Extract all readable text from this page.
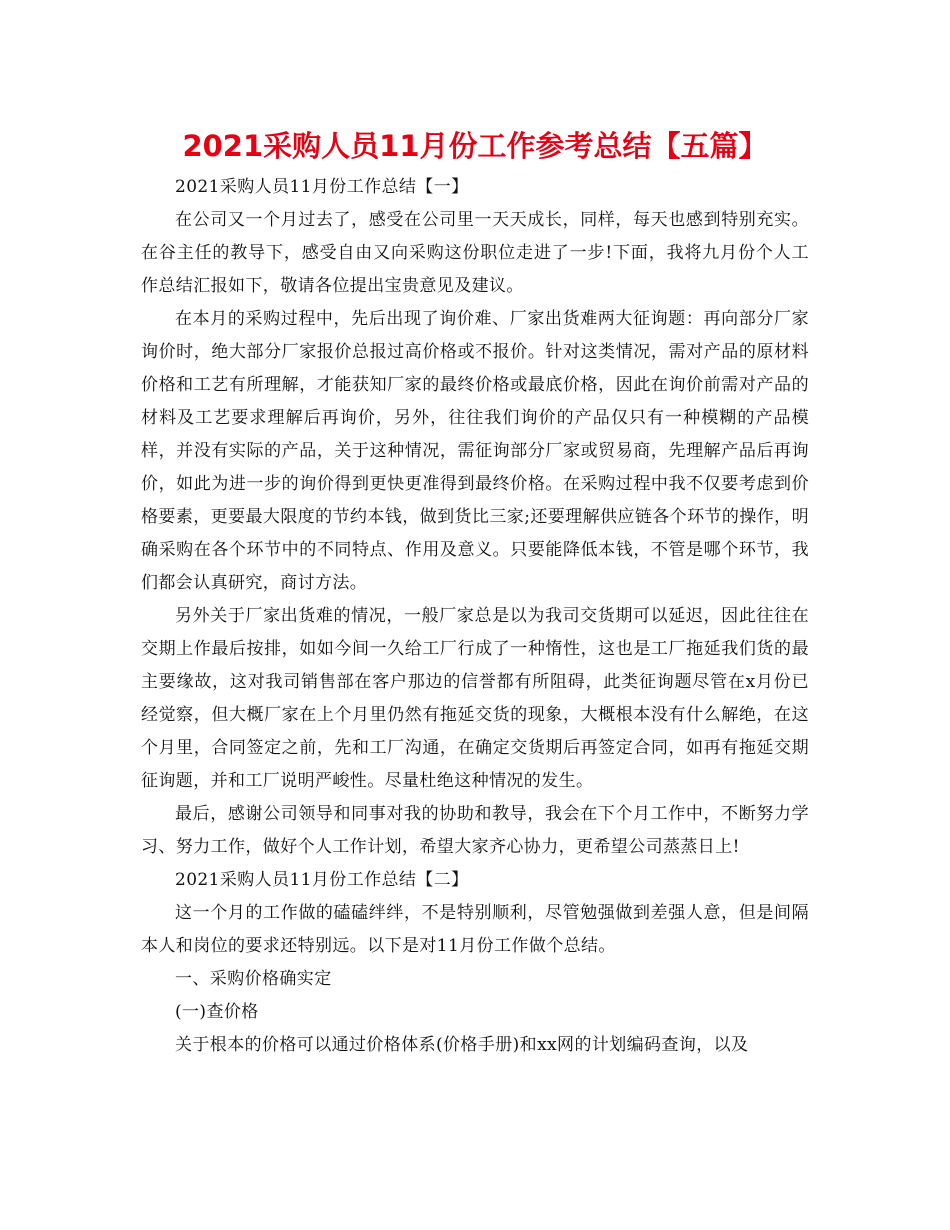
2021采购人员11月份工作参考总结【五篇】

2021采购人员11月份工作总结【一】

在公司又一个月过去了，感受在公司里一天天成长，同样，每天也感到特别充实。在谷主任的教导下，感受自由又向采购这份职位走进了一步!下面，我将九月份个人工作总结汇报如下，敬请各位提出宝贵意见及建议。

在本月的采购过程中，先后出现了询价难、厂家出货难两大征询题：再向部分厂家询价时，绝大部分厂家报价总报过高价格或不报价。针对这类情况，需对产品的原材料价格和工艺有所理解，才能获知厂家的最终价格或最底价格，因此在询价前需对产品的材料及工艺要求理解后再询价，另外，往往我们询价的产品仅只有一种模糊的产品模样，并没有实际的产品，关于这种情况，需征询部分厂家或贸易商，先理解产品后再询价，如此为进一步的询价得到更快更准得到最终价格。在采购过程中我不仅要考虑到价格要素，更要最大限度的节约本钱，做到货比三家;还要理解供应链各个环节的操作，明确采购在各个环节中的不同特点、作用及意义。只要能降低本钱，不管是哪个环节，我们都会认真研究，商讨方法。

另外关于厂家出货难的情况，一般厂家总是以为我司交货期可以延迟，因此往往在交期上作最后按排，如如今间一久给工厂行成了一种惰性，这也是工厂拖延我们货的最主要缘故，这对我司销售部在客户那边的信誉都有所阻碍，此类征询题尽管在x月份已经觉察，但大概厂家在上个月里仍然有拖延交货的现象，大概根本没有什么解绝，在这个月里，合同签定之前，先和工厂沟通，在确定交货期后再签定合同，如再有拖延交期征询题，并和工厂说明严峻性。尽量杜绝这种情况的发生。

最后，感谢公司领导和同事对我的协助和教导，我会在下个月工作中，不断努力学习、努力工作，做好个人工作计划，希望大家齐心协力，更希望公司蒸蒸日上!

2021采购人员11月份工作总结【二】

这一个月的工作做的磕磕绊绊，不是特别顺利，尽管勉强做到差强人意，但是间隔本人和岗位的要求还特别远。以下是对11月份工作做个总结。

一、采购价格确实定

(一)查价格

关于根本的价格可以通过价格体系(价格手册)和xx网的计划编码查询，以及
